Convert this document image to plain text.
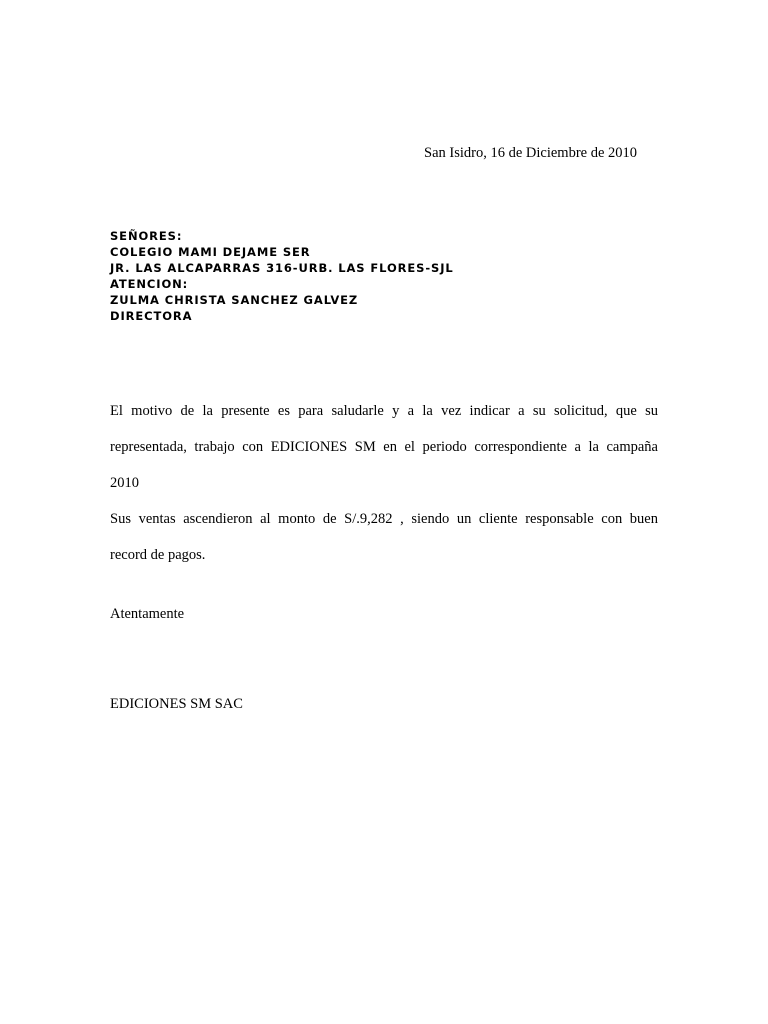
San Isidro, 16 de Diciembre de 2010
SEÑORES:
COLEGIO MAMI DEJAME SER
JR. LAS ALCAPARRAS 316-URB. LAS FLORES-SJL
ATENCION:
ZULMA CHRISTA SANCHEZ GALVEZ
DIRECTORA
El motivo de la presente es para saludarle y a la vez indicar a su solicitud, que su
representada, trabajo con EDICIONES SM en el periodo correspondiente a la campaña
2010
Sus ventas ascendieron al monto de S/.9,282 , siendo un cliente responsable con buen
record de pagos.
Atentamente
EDICIONES SM SAC
